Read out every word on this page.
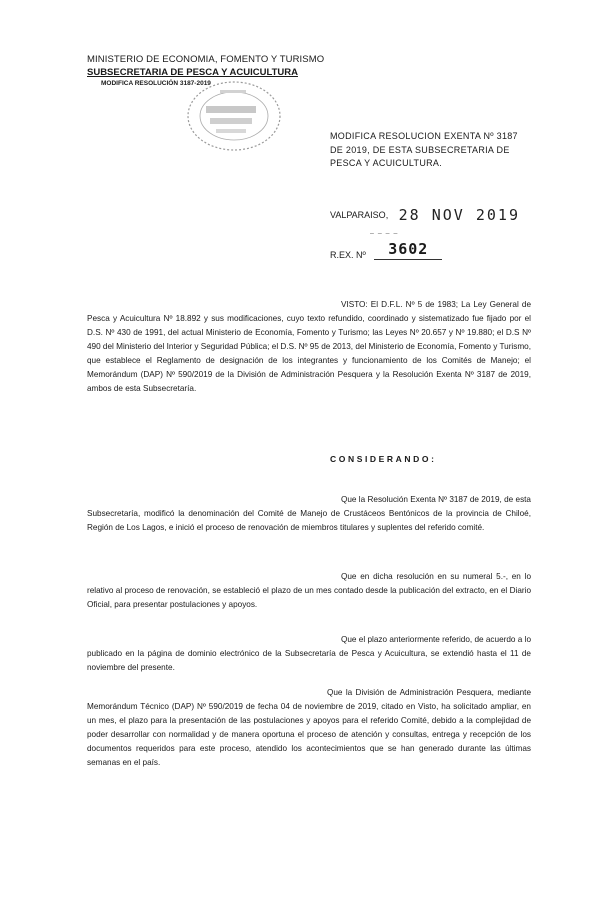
MINISTERIO DE ECONOMIA, FOMENTO Y TURISMO
SUBSECRETARIA DE PESCA Y ACUICULTURA
MODIFICA RESOLUCIÓN 3187-2019
MODIFICA RESOLUCION EXENTA Nº 3187 DE 2019, DE ESTA SUBSECRETARIA DE PESCA Y ACUICULTURA.
VALPARAISO, 28 NOV 2019
– – – –
R.EX. Nº 3602
VISTO: El D.F.L. Nº 5 de 1983; La Ley General de Pesca y Acuicultura Nº 18.892 y sus modificaciones, cuyo texto refundido, coordinado y sistematizado fue fijado por el D.S. Nº 430 de 1991, del actual Ministerio de Economía, Fomento y Turismo; las Leyes Nº 20.657 y Nº 19.880; el D.S Nº 490 del Ministerio del Interior y Seguridad Pública; el D.S. Nº 95 de 2013, del Ministerio de Economía, Fomento y Turismo, que establece el Reglamento de designación de los integrantes y funcionamiento de los Comités de Manejo; el Memorándum (DAP) Nº 590/2019 de la División de Administración Pesquera y la Resolución Exenta Nº 3187 de 2019, ambos de esta Subsecretaría.
CONSIDERANDO:
Que la Resolución Exenta Nº 3187 de 2019, de esta Subsecretaría, modificó la denominación del Comité de Manejo de Crustáceos Bentónicos de la provincia de Chiloé, Región de Los Lagos, e inició el proceso de renovación de miembros titulares y suplentes del referido comité.
Que en dicha resolución en su numeral 5.-, en lo relativo al proceso de renovación, se estableció el plazo de un mes contado desde la publicación del extracto, en el Diario Oficial, para presentar postulaciones y apoyos.
Que el plazo anteriormente referido, de acuerdo a lo publicado en la página de dominio electrónico de la Subsecretaría de Pesca y Acuicultura, se extendió hasta el 11 de noviembre del presente.
Que la División de Administración Pesquera, mediante Memorándum Técnico (DAP) Nº 590/2019 de fecha 04 de noviembre de 2019, citado en Visto, ha solicitado ampliar, en un mes, el plazo para la presentación de las postulaciones y apoyos para el referido Comité, debido a la complejidad de poder desarrollar con normalidad y de manera oportuna el proceso de atención y consultas, entrega y recepción de los documentos requeridos para este proceso, atendido los acontecimientos que se han generado durante las últimas semanas en el país.
